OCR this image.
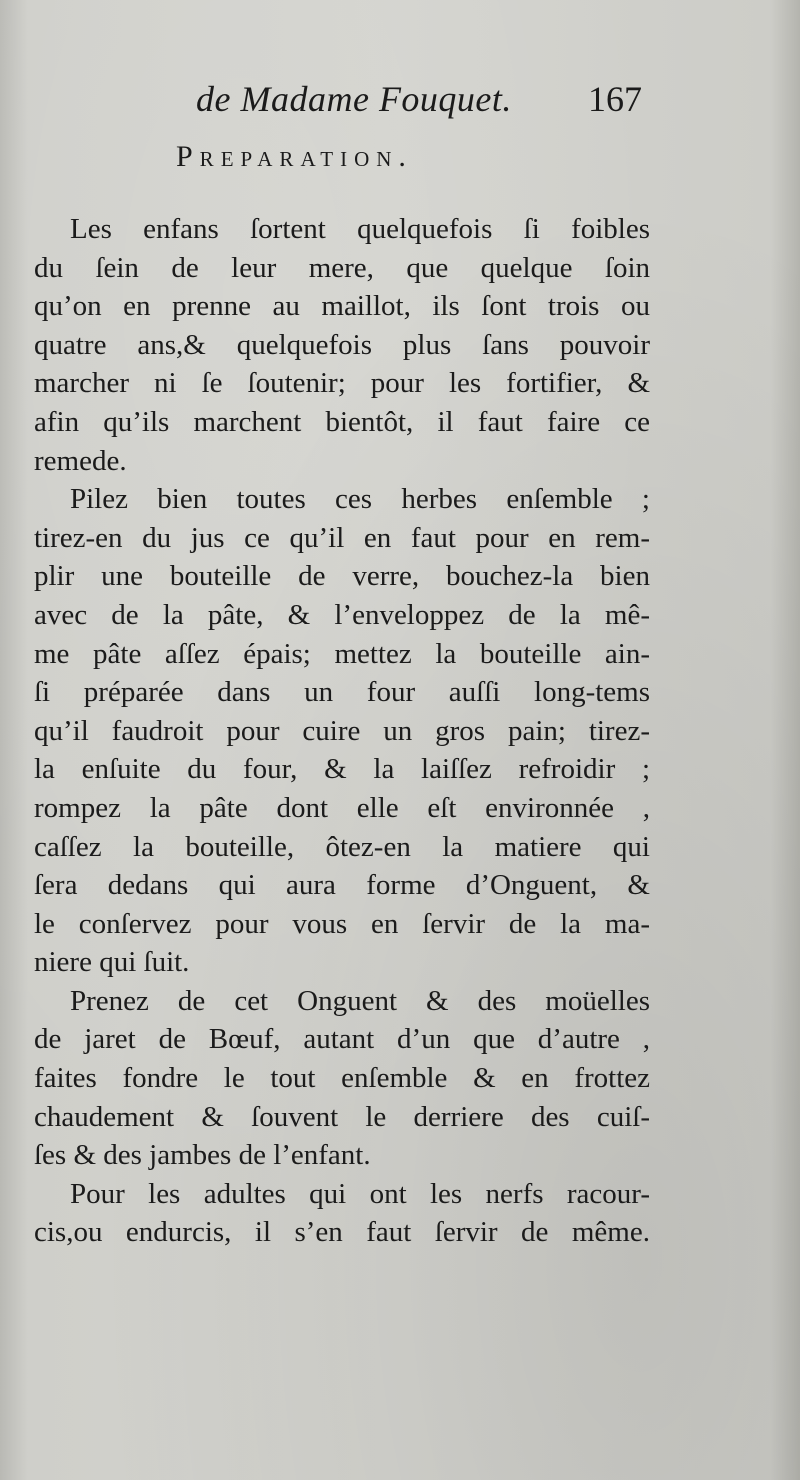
de Madame Fouquet. 167
Preparation.
Les enfans ſortent quelquefois ſi foibles
du ſein de leur mere, que quelque ſoin
qu’on en prenne au maillot, ils ſont trois ou
quatre ans,& quelquefois plus ſans pouvoir
marcher ni ſe ſoutenir; pour les fortifier, &
afin qu’ils marchent bientôt, il faut faire ce
remede.
Pilez bien toutes ces herbes enſemble ;
tirez-en du jus ce qu’il en faut pour en rem-
plir une bouteille de verre, bouchez-la bien
avec de la pâte, & l’enveloppez de la mê-
me pâte aſſez épais; mettez la bouteille ain-
ſi préparée dans un four auſſi long-tems
qu’il faudroit pour cuire un gros pain; tirez-
la enſuite du four, & la laiſſez refroidir ;
rompez la pâte dont elle eſt environnée ,
caſſez la bouteille, ôtez-en la matiere qui
ſera dedans qui aura forme d’Onguent, &
le conſervez pour vous en ſervir de la ma-
niere qui ſuit.
Prenez de cet Onguent & des moüelles
de jaret de Bœuf, autant d’un que d’autre ,
faites fondre le tout enſemble & en frottez
chaudement & ſouvent le derriere des cuiſ-
ſes & des jambes de l’enfant.
Pour les adultes qui ont les nerfs racour-
cis,ou endurcis, il s’en faut ſervir de même.
